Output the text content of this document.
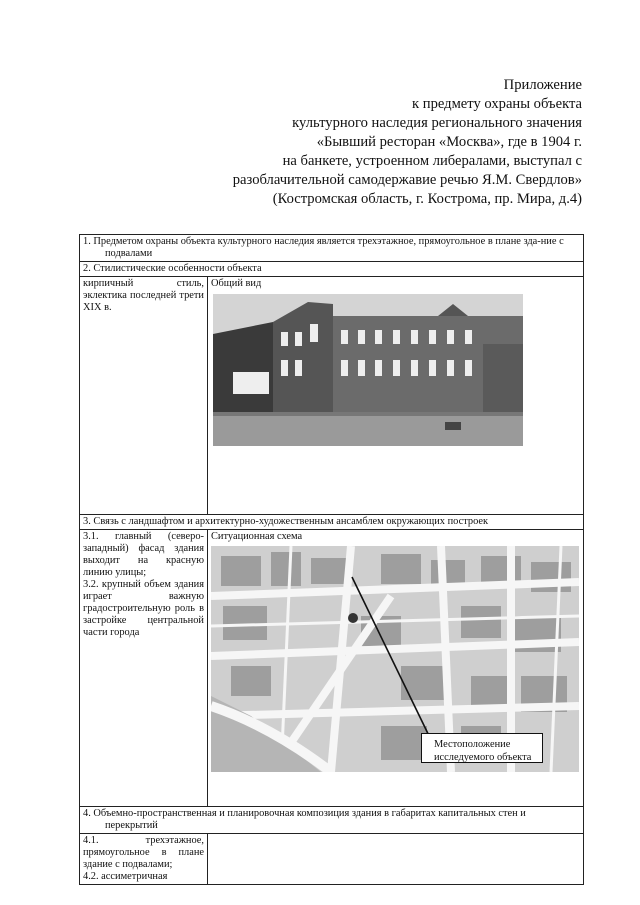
Приложение
к предмету охраны объекта
культурного наследия регионального значения
«Бывший ресторан «Москва», где в 1904 г.
на банкете, устроенном либералами, выступал с
разоблачительной самодержавие речью Я.М. Свердлов»
(Костромская область, г. Кострома, пр. Мира, д.4)
1. Предметом охраны объекта культурного наследия является трехэтажное, прямоугольное в плане зда-ние с подвалами	

2. Стилистические особенности объекта	
кирпичный стиль, эклектика последней трети XIX в.	Общий вид

3. Связь с ландшафтом и архитектурно-художественным ансамблем окружающих построек	

3.1. главный (северо-западный) фасад здания выходит на красную линию улицы;
3.2. крупный объем здания играет важную градостроительную роль в застройке центральной части города	Ситуационная схема

4. Объемно-пространственная и планировочная композиция здания в габаритах капитальных стен и перекрытий	

4.1. трехэтажное, прямоугольное в плане здание с подвалами;
4.2. ассиметричная	

Местоположение
исследуемого объекта
